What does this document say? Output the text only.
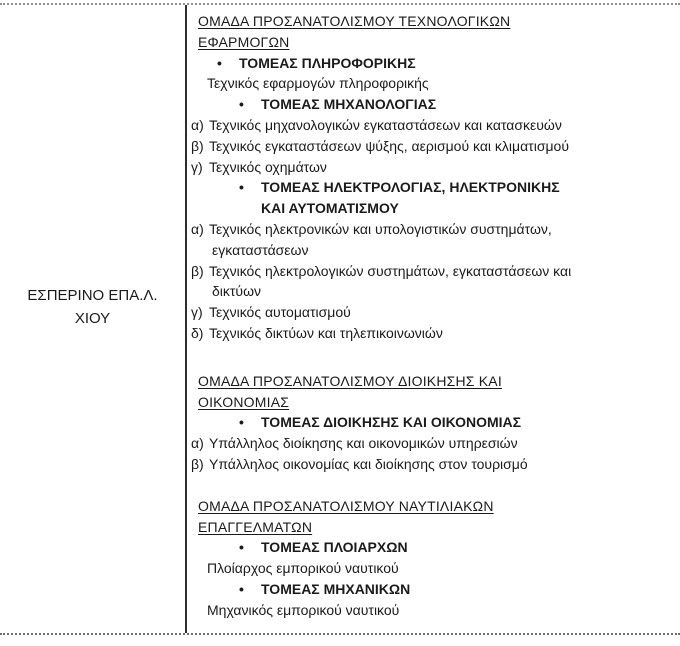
ΕΣΠΕΡΙΝΟ ΕΠΑ.Λ.
ΧΙΟΥ
ΟΜΑΔΑ ΠΡΟΣΑΝΑΤΟΛΙΣΜΟΥ ΤΕΧΝΟΛΟΓΙΚΩΝ
ΕΦΑΡΜΟΓΩΝ
• ΤΟΜΕΑΣ ΠΛΗΡΟΦΟΡΙΚΗΣ
Τεχνικός εφαρμογών πληροφορικής
• ΤΟΜΕΑΣ ΜΗΧΑΝΟΛΟΓΙΑΣ
α) Τεχνικός μηχανολογικών εγκαταστάσεων και κατασκευών
β) Τεχνικός εγκαταστάσεων ψύξης, αερισμού και κλιματισμού
γ) Τεχνικός οχημάτων
• ΤΟΜΕΑΣ ΗΛΕΚΤΡΟΛΟΓΙΑΣ, ΗΛΕΚΤΡΟΝΙΚΗΣ
ΚΑΙ ΑΥΤΟΜΑΤΙΣΜΟΥ
α) Τεχνικός ηλεκτρονικών και υπολογιστικών συστημάτων,
εγκαταστάσεων
β) Τεχνικός ηλεκτρολογικών συστημάτων, εγκαταστάσεων και
δικτύων
γ) Τεχνικός αυτοματισμού
δ) Τεχνικός δικτύων και τηλεπικοινωνιών
ΟΜΑΔΑ ΠΡΟΣΑΝΑΤΟΛΙΣΜΟΥ ΔΙΟΙΚΗΣΗΣ ΚΑΙ
ΟΙΚΟΝΟΜΙΑΣ
• ΤΟΜΕΑΣ ΔΙΟΙΚΗΣΗΣ ΚΑΙ ΟΙΚΟΝΟΜΙΑΣ
α) Υπάλληλος διοίκησης και οικονομικών υπηρεσιών
β) Υπάλληλος οικονομίας και διοίκησης στον τουρισμό
ΟΜΑΔΑ ΠΡΟΣΑΝΑΤΟΛΙΣΜΟΥ ΝΑΥΤΙΛΙΑΚΩΝ
ΕΠΑΓΓΕΛΜΑΤΩΝ
• ΤΟΜΕΑΣ ΠΛΟΙΑΡΧΩΝ
Πλοίαρχος εμπορικού ναυτικού
• ΤΟΜΕΑΣ ΜΗΧΑΝΙΚΩΝ
Μηχανικός εμπορικού ναυτικού
